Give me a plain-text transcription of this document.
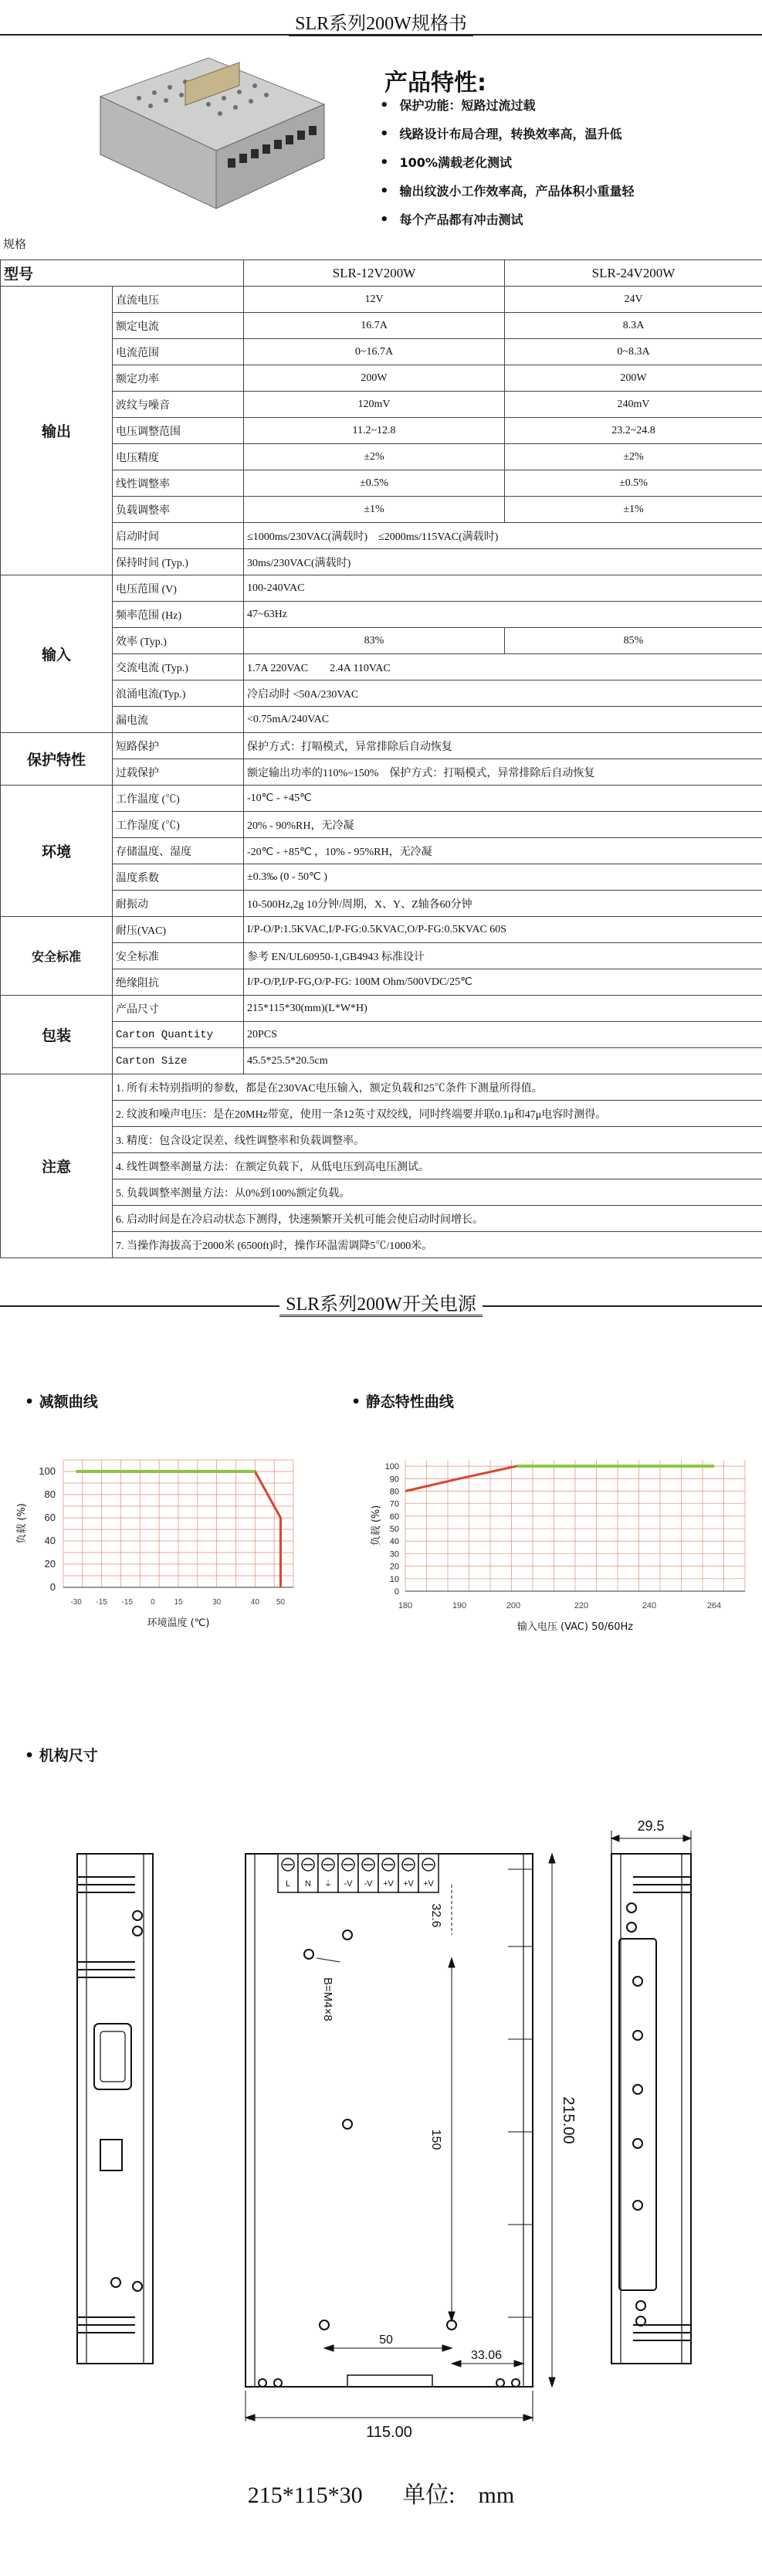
SLR系列200W规格书
产品特性:
• 保护功能：短路过流过载
• 线路设计布局合理，转换效率高，温升低
• 100%满载老化测试
• 输出纹波小工作效率高，产品体积小重量轻
• 每个产品都有冲击测试
规格
型号		SLR-12V200W	SLR-24V200W
输出	直流电压	12V	24V
	额定电流	16.7A	8.3A
	电流范围	0~16.7A	0~8.3A
	额定功率	200W	200W
	波纹与噪音	120mV	240mV
	电压调整范围	11.2~12.8	23.2~24.8
	电压精度	±2%	±2%
	线性调整率	±0.5%	±0.5%
	负载调整率	±1%	±1%
	启动时间	≤1000ms/230VAC(满载时)　≤2000ms/115VAC(满载时)	
	保持时间 (Typ.)	30ms/230VAC(满载时)	
输入	电压范围 (V)	100-240VAC	
	频率范围 (Hz)	47~63Hz	
	效率 (Typ.)	83%	85%
	交流电流 (Typ.)	1.7A 220VAC　　2.4A 110VAC	
	浪涌电流(Typ.)	冷启动时 <50A/230VAC	
	漏电流	<0.75mA/240VAC	
保护特性	短路保护	保护方式：打嗝模式，异常排除后自动恢复	
	过载保护	额定输出功率的110%~150%　保护方式：打嗝模式，异常排除后自动恢复	
环境	工作温度 (℃)	-10℃ - +45℃	
	工作湿度 (℃)	20% - 90%RH，无冷凝	
	存储温度、湿度	-20℃ - +85℃ ，10% - 95%RH，无冷凝	
	温度系数	±0.3‰ (0 - 50℃ )	
	耐振动	10-500Hz,2g 10分钟/周期，X、Y、Z轴各60分钟	
安全标准	耐压(VAC)	I/P-O/P:1.5KVAC,I/P-FG:0.5KVAC,O/P-FG:0.5KVAC 60S	
	安全标准	参考 EN/UL60950-1,GB4943 标准设计	
	绝缘阻抗	I/P-O/P,I/P-FG,O/P-FG: 100M Ohm/500VDC/25℃	
包装	产品尺寸	215*115*30(mm)(L*W*H)	
	Carton Quantity	20PCS	
	Carton Size	45.5*25.5*20.5cm	
注意	1. 所有未特别指明的参数，都是在230VAC电压输入，额定负载和25℃条件下测量所得值。		
	2. 纹波和噪声电压：是在20MHz带宽，使用一条12英寸双绞线，同时终端要并联0.1μ和47μ电容时测得。		
	3. 精度：包含设定误差、线性调整率和负载调整率。		
	4. 线性调整率测量方法：在额定负载下，从低电压到高电压测试。		
	5. 负载调整率测量方法：从0%到100%额定负载。		
	6. 启动时间是在冷启动状态下测得，快速频繁开关机可能会使启动时间增长。		
	7. 当操作海拔高于2000米 (6500ft)时，操作环温需调降5℃/1000米。		
SLR系列200W开关电源
• 减额曲线	• 静态特性曲线
0
20
40
60
80
100
-30 -15 -15 0 15	30	40 50
环境温度 (℃)
负载 (%)
0
10
20
30
40
50
60
70
80
90
100
180	190	200	220	240	264
输入电压 (VAC) 50/60Hz
负载 (%)
• 机构尺寸
L N ⏚ -V -V +V +V +V
115.00
215.00
29.5
32.6
150
50
33.06
B=M4×8
215*115*30 单位:　mm
